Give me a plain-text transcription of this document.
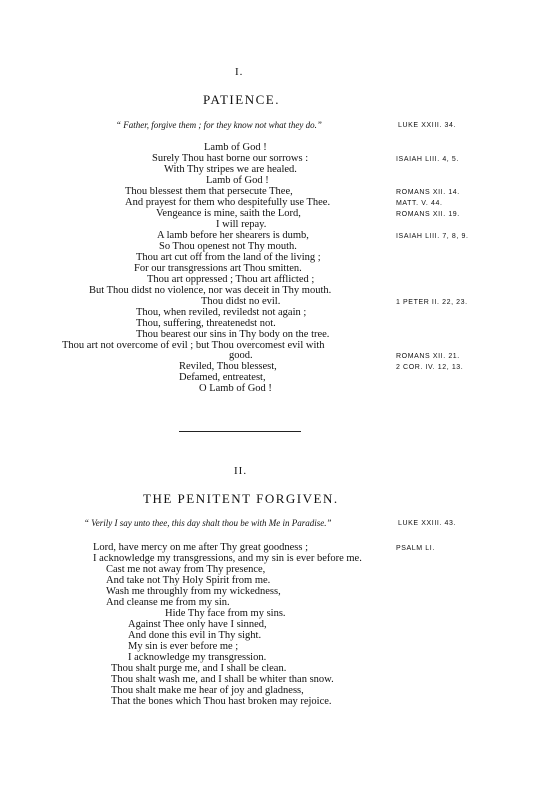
I.
PATIENCE.
“ Father, forgive them ; for they know not what they do.”	LUKE XXIII. 34.
Lamb of God !
Surely Thou hast borne our sorrows :
With Thy stripes we are healed.
Lamb of God !
Thou blessest them that persecute Thee,
And prayest for them who despitefully use Thee.
Vengeance is mine, saith the Lord,
I will repay.
A lamb before her shearers is dumb,
So Thou openest not Thy mouth.
Thou art cut off from the land of the living ;
For our transgressions art Thou smitten.
Thou art oppressed ; Thou art afflicted ;
But Thou didst no violence, nor was deceit in Thy mouth.
Thou didst no evil.
Thou, when reviled, reviledst not again ;
Thou, suffering, threatenedst not.
Thou bearest our sins in Thy body on the tree.
Thou art not overcome of evil ; but Thou overcomest evil with
good.
Reviled, Thou blessest,
Defamed, entreatest,
O Lamb of God !
ISAIAH LIII. 4, 5.
ROMANS XII. 14.
MATT. V. 44.
ROMANS XII. 19.
ISAIAH LIII. 7, 8, 9.
1 PETER II. 22, 23.
ROMANS XII. 21.
2 COR. IV. 12, 13.
II.
THE PENITENT FORGIVEN.
“ Verily I say unto thee, this day shalt thou be with Me in Paradise.”	LUKE XXIII. 43.
Lord, have mercy on me after Thy great goodness ;
I acknowledge my transgressions, and my sin is ever before me.
Cast me not away from Thy presence,
And take not Thy Holy Spirit from me.
Wash me throughly from my wickedness,
And cleanse me from my sin.
Hide Thy face from my sins.
Against Thee only have I sinned,
And done this evil in Thy sight.
My sin is ever before me ;
I acknowledge my transgression.
Thou shalt purge me, and I shall be clean.
Thou shalt wash me, and I shall be whiter than snow.
Thou shalt make me hear of joy and gladness,
That the bones which Thou hast broken may rejoice.
PSALM LI.
